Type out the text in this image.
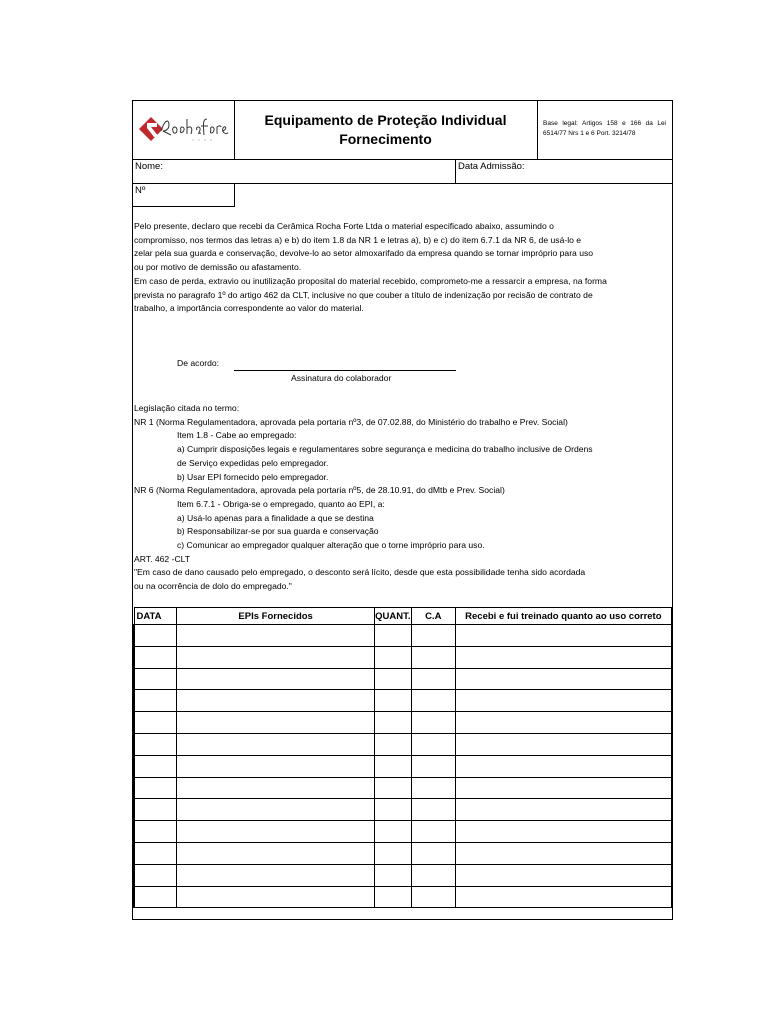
Equipamento de Proteção Individual
Fornecimento
Base legal: Artigos 158 e 166 da Lei 6514/77 Nrs 1 e 6 Port. 3214/78
Nome:	Data Admissão:
Nº
Pelo presente, declaro que recebi da Cerâmica Rocha Forte Ltda o material especificado abaixo, assumindo o
compromisso, nos termos das letras a) e b) do item 1.8 da NR 1 e letras a), b) e c) do item 6.7.1 da NR 6, de usá-lo e
zelar pela sua guarda e conservação, devolve-lo ao setor almoxarifado da empresa quando se tornar impróprio para uso
ou por motivo de demissão ou afastamento.
Em caso de perda, extravio ou inutilização proposital do material recebido, comprometo-me a ressarcir a empresa, na forma
prevista no paragrafo 1º do artigo 462 da CLT, inclusive no que couber a título de indenização por recisão de contrato de
trabalho, a importância correspondente ao valor do material.
De acordo:
Assinatura do colaborador
Legislação citada no termo:
NR 1 (Norma Regulamentadora, aprovada pela portaria nº3, de 07.02.88, do Ministério do trabalho e Prev. Social)
Item 1.8 - Cabe ao empregado:
a) Cumprir disposições legais e regulamentares sobre segurança e medicina do trabalho inclusive de Ordens
de Serviço expedidas pelo empregador.
b) Usar EPI fornecido pelo empregador.
NR 6 (Norma Regulamentadora, aprovada pela portaria nº5, de 28.10.91, do dMtb e Prev. Social)
Item 6.7.1 - Obriga-se o empregado, quanto ao EPI, a:
a) Usá-lo apenas para a finalidade a que se destina
b) Responsabilizar-se por sua guarda e conservação
c) Comunicar ao empregador qualquer alteração que o torne impróprio para uso.
ART. 462 -CLT
"Em caso de dano causado pelo empregado, o desconto será lícito, desde que esta possibilidade tenha sido acordada
ou na ocorrência de dolo do empregado."
DATA	EPIs Fornecidos	QUANT.	C.A	Recebi e fui treinado quanto ao uso correto
